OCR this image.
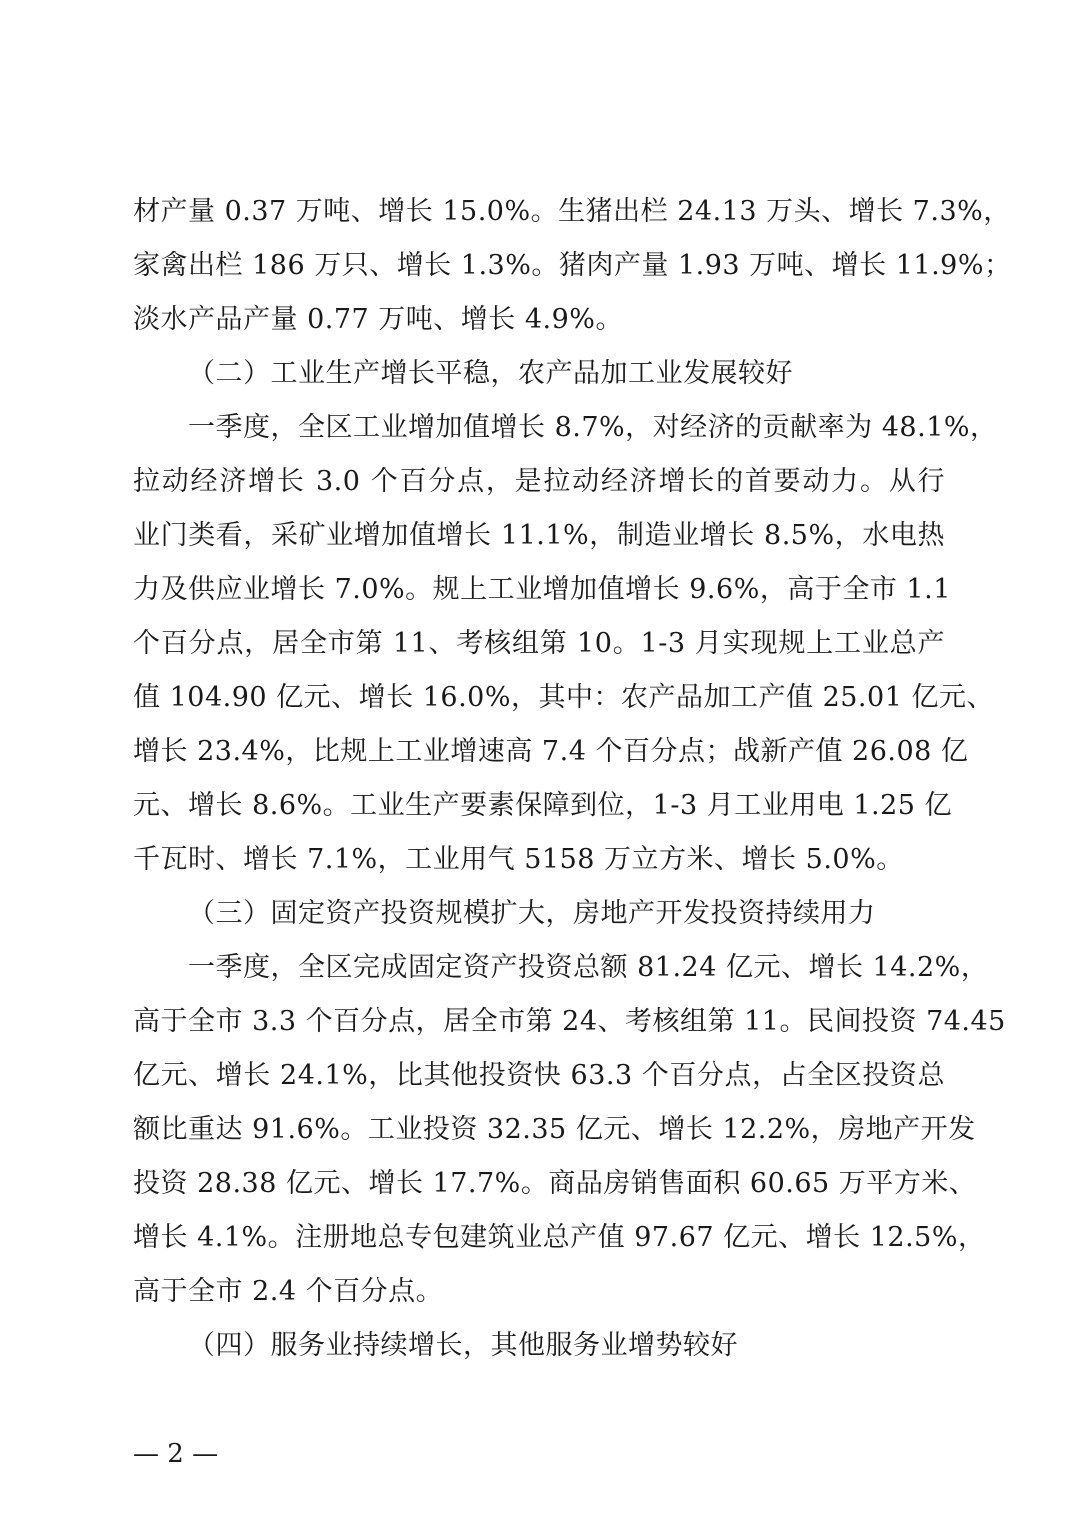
材产量 0.37 万吨、增长 15.0%。生猪出栏 24.13 万头、增长 7.3%，
家禽出栏 186 万只、增长 1.3%。猪肉产量 1.93 万吨、增长 11.9%；
淡水产品产量 0.77 万吨、增长 4.9%。
（二）工业生产增长平稳，农产品加工业发展较好
一季度，全区工业增加值增长 8.7%，对经济的贡献率为 48.1%，
拉动经济增长 3.0 个百分点，是拉动经济增长的首要动力。从行
业门类看，采矿业增加值增长 11.1%，制造业增长 8.5%，水电热
力及供应业增长 7.0%。规上工业增加值增长 9.6%，高于全市 1.1
个百分点，居全市第 11、考核组第 10。1-3 月实现规上工业总产
值 104.90 亿元、增长 16.0%，其中：农产品加工产值 25.01 亿元、
增长 23.4%，比规上工业增速高 7.4 个百分点；战新产值 26.08 亿
元、增长 8.6%。工业生产要素保障到位，1-3 月工业用电 1.25 亿
千瓦时、增长 7.1%，工业用气 5158 万立方米、增长 5.0%。
（三）固定资产投资规模扩大，房地产开发投资持续用力
一季度，全区完成固定资产投资总额 81.24 亿元、增长 14.2%，
高于全市 3.3 个百分点，居全市第 24、考核组第 11。民间投资 74.45
亿元、增长 24.1%，比其他投资快 63.3 个百分点，占全区投资总
额比重达 91.6%。工业投资 32.35 亿元、增长 12.2%，房地产开发
投资 28.38 亿元、增长 17.7%。商品房销售面积 60.65 万平方米、
增长 4.1%。注册地总专包建筑业总产值 97.67 亿元、增长 12.5%，
高于全市 2.4 个百分点。
（四）服务业持续增长，其他服务业增势较好
— 2 —
